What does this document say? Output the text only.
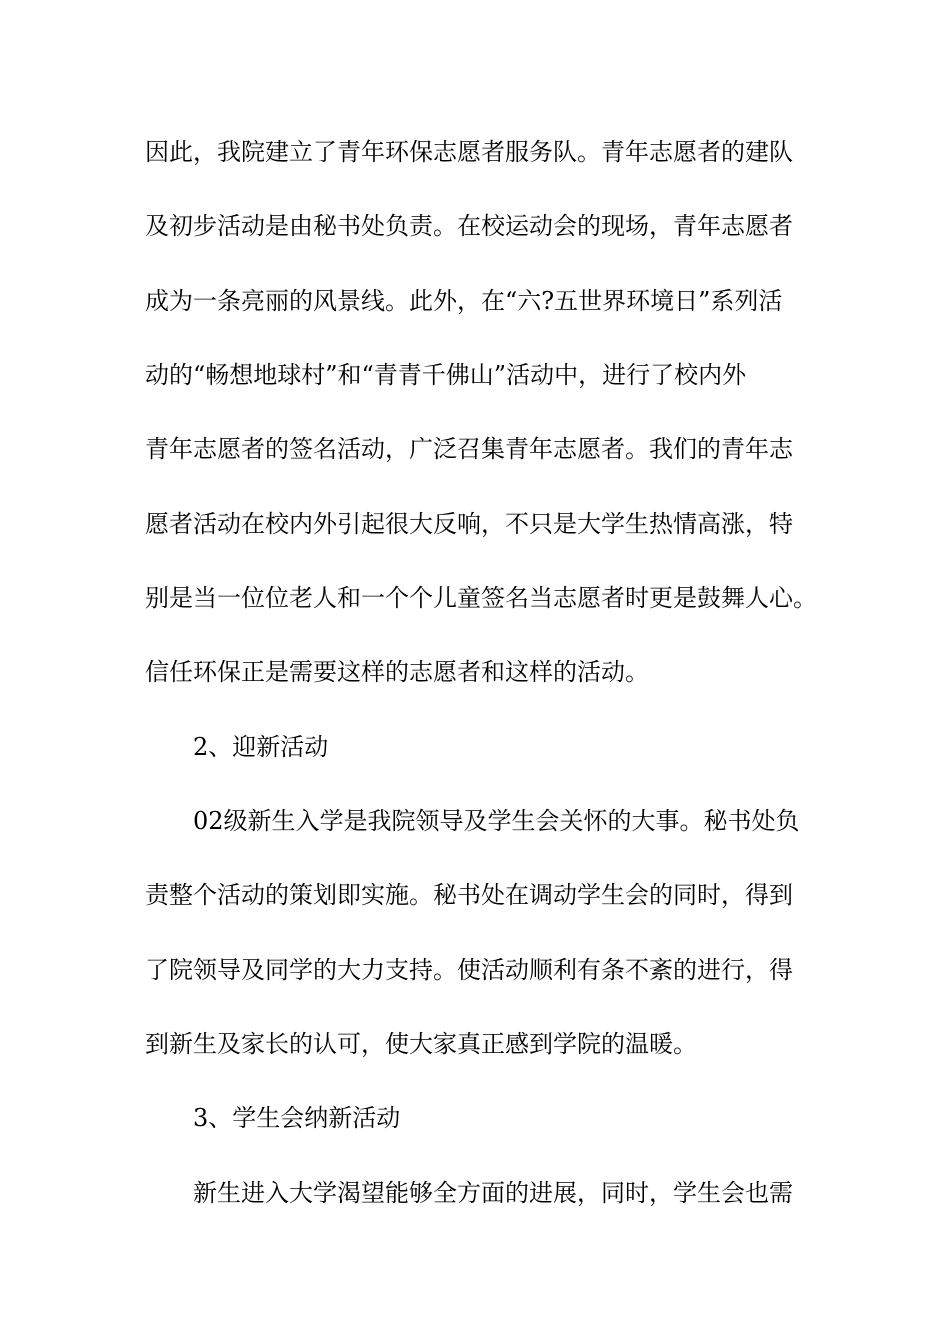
因此，我院建立了青年环保志愿者服务队。青年志愿者的建队

及初步活动是由秘书处负责。在校运动会的现场，青年志愿者

成为一条亮丽的风景线。此外，在“六?五世界环境日”系列活

动的“畅想地球村”和“青青千佛山”活动中，进行了校内外

青年志愿者的签名活动，广泛召集青年志愿者。我们的青年志

愿者活动在校内外引起很大反响，不只是大学生热情高涨，特

别是当一位位老人和一个个儿童签名当志愿者时更是鼓舞人心。

信任环保正是需要这样的志愿者和这样的活动。

2、迎新活动

02级新生入学是我院领导及学生会关怀的大事。秘书处负

责整个活动的策划即实施。秘书处在调动学生会的同时，得到

了院领导及同学的大力支持。使活动顺利有条不紊的进行，得

到新生及家长的认可，使大家真正感到学院的温暖。

3、学生会纳新活动

新生进入大学渴望能够全方面的进展，同时，学生会也需
